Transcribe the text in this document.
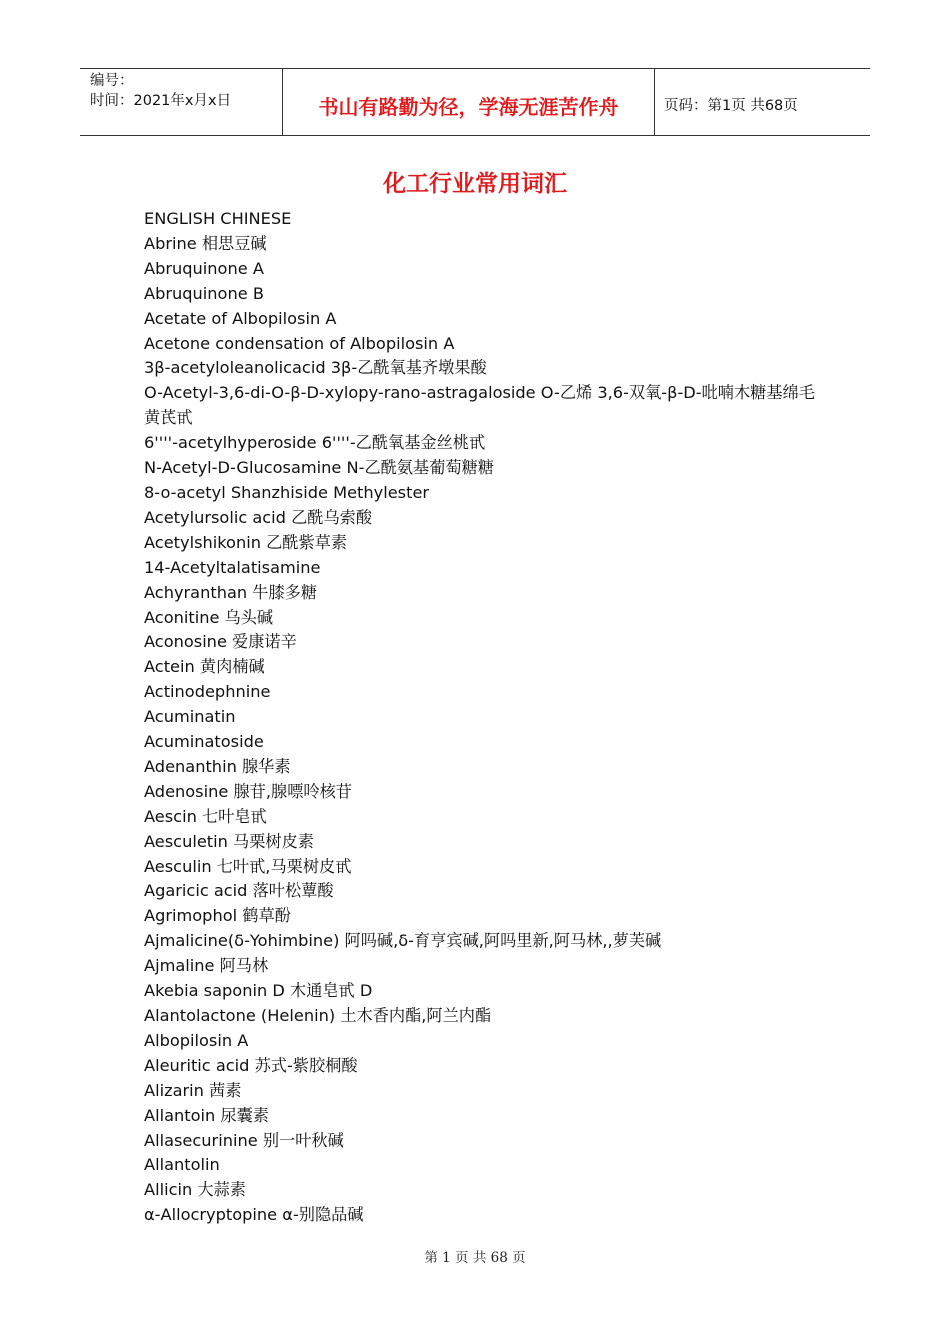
编号：
时间：2021年x月x日	书山有路勤为径，学海无涯苦作舟	页码：第1页 共68页
化工行业常用词汇
ENGLISH CHINESE
Abrine 相思豆碱
Abruquinone A
Abruquinone B
Acetate of Albopilosin A
Acetone condensation of Albopilosin A
3β-acetyloleanolicacid 3β-乙酰氧基齐墩果酸
O-Acetyl-3,6-di-O-β-D-xylopy-rano-astragaloside O-乙烯 3,6-双氧-β-D-吡喃木糖基绵毛黄芪甙
6''''-acetylhyperoside 6''''-乙酰氧基金丝桃甙
N-Acetyl-D-Glucosamine N-乙酰氨基葡萄糖糖
8-o-acetyl Shanzhiside Methylester
Acetylursolic acid 乙酰乌索酸
Acetylshikonin 乙酰紫草素
14-Acetyltalatisamine
Achyranthan 牛膝多糖
Aconitine 乌头碱
Aconosine 爱康诺辛
Actein 黄肉楠碱
Actinodephnine
Acuminatin
Acuminatoside
Adenanthin 腺华素
Adenosine 腺苷,腺嘌呤核苷
Aescin 七叶皂甙
Aesculetin 马栗树皮素
Aesculin 七叶甙,马栗树皮甙
Agaricic acid 落叶松蕈酸
Agrimophol 鹤草酚
Ajmalicine(δ-Yohimbine) 阿吗碱,δ-育亨宾碱,阿吗里新,阿马林,,萝芙碱
Ajmaline 阿马林
Akebia saponin D 木通皂甙 D
Alantolactone (Helenin) 土木香内酯,阿兰内酯
Albopilosin A
Aleuritic acid 苏式-紫胶桐酸
Alizarin 茜素
Allantoin 尿囊素
Allasecurinine 别一叶秋碱
Allantolin
Allicin 大蒜素
α-Allocryptopine α-别隐品碱
第 1 页 共 68 页
